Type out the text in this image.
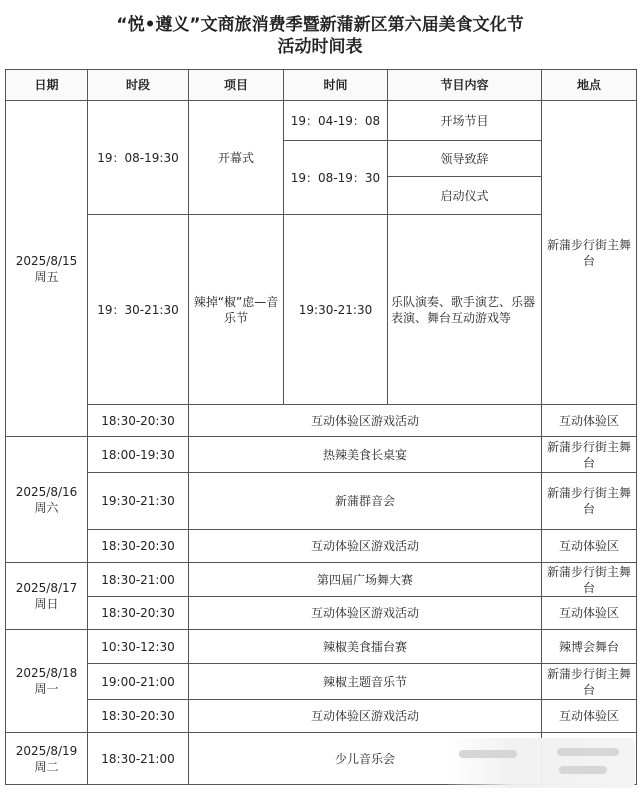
“悦•遵义”文商旅消费季暨新蒲新区第六届美食文化节
活动时间表
日期	时段	项目	时间	节目内容	地点

2025/8/15
周五	19：08-19:30	开幕式	19：04-19：08	开场节目	新蒲步行街主舞台
			19：08-19：30	领导致辞	
				启动仪式	
	19：30-21:30	辣掉“椒”虑—音乐节	19:30-21:30	乐队演奏、歌手演艺、乐器表演、舞台互动游戏等	
	18:30-20:30	互动体验区游戏活动			互动体验区

2025/8/16
周六	18:00-19:30	热辣美食长桌宴			新蒲步行街主舞台
	19:30-21:30	新蒲群音会			新蒲步行街主舞台
	18:30-20:30	互动体验区游戏活动			互动体验区

2025/8/17
周日	18:30-21:00	第四届广场舞大赛			新蒲步行街主舞台
	18:30-20:30	互动体验区游戏活动			互动体验区

2025/8/18
周一	10:30-12:30	辣椒美食擂台赛			辣博会舞台
	19:00-21:00	辣椒主题音乐节			新蒲步行街主舞台
	18:30-20:30	互动体验区游戏活动			互动体验区

2025/8/19
周二	18:30-21:00	少儿音乐会			
